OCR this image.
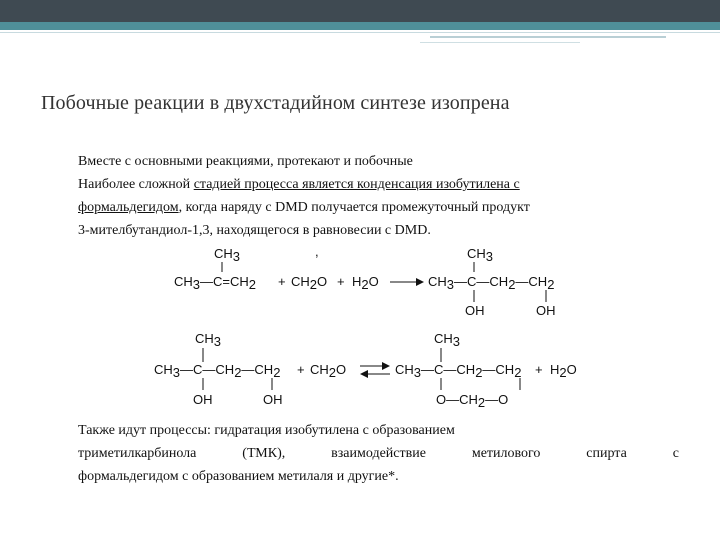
Побочные реакции в двухстадийном синтезе изопрена
Вместе с основными реакциями, протекают и побочные
Наиболее сложной стадией процесса является конденсация изобутилена с
формальдегидом, когда наряду с DMD получается промежуточный продукт
3-мителбутандиол-1,3, находящегося в равновесии с DMD.
CH3
CH3—C=CH2 + CH2O + H2O
,	CH3
CH3—C—CH2—CH2
OH	OH
CH3
CH3—C—CH2—CH2
OH	OH
+ CH2O
CH3
CH3—C—CH2—CH2 + H2O
O—CH2—O
Также идут процессы: гидратация изобутилена с образованием
триметилкарбинола	(ТМК),	взаимодействие	метилового	спирта	с
формальдегидом с образованием метилаля и другие*.
